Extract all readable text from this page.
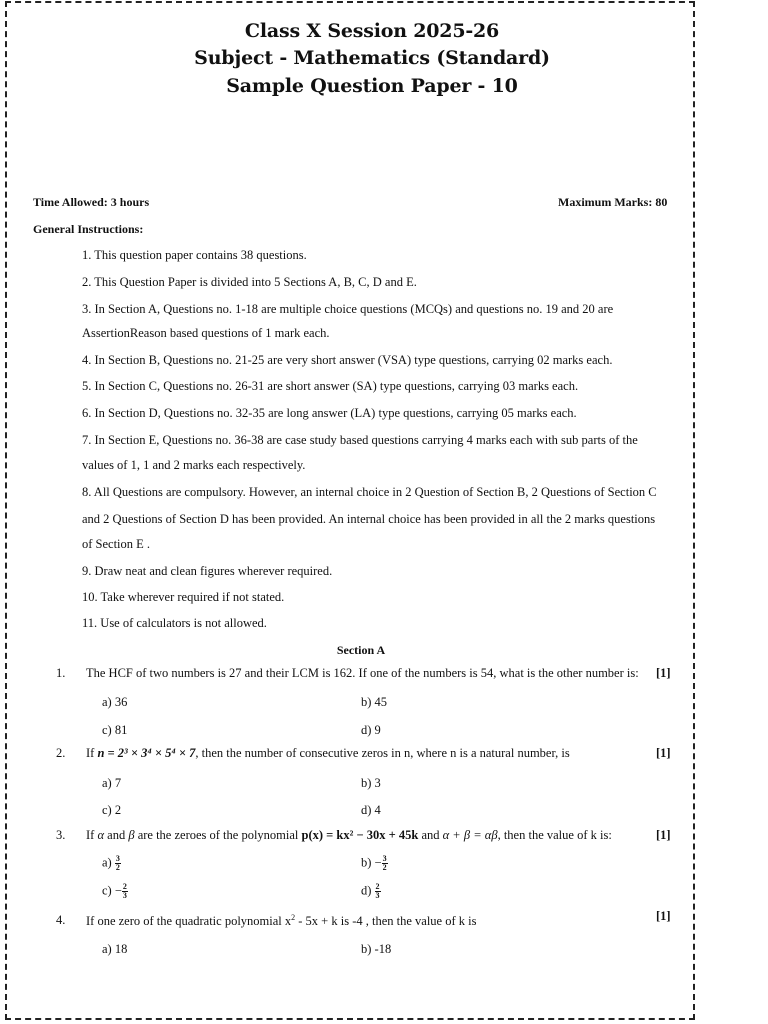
Class X Session 2025-26
Subject - Mathematics (Standard)
Sample Question Paper - 10

Time Allowed: 3 hours	Maximum Marks: 80

General Instructions:

1. This question paper contains 38 questions.

2. This Question Paper is divided into 5 Sections A, B, C, D and E.

3. In Section A, Questions no. 1-18 are multiple choice questions (MCQs) and questions no. 19 and 20 are

AssertionReason based questions of 1 mark each.

4. In Section B, Questions no. 21-25 are very short answer (VSA) type questions, carrying 02 marks each.

5. In Section C, Questions no. 26-31 are short answer (SA) type questions, carrying 03 marks each.

6. In Section D, Questions no. 32-35 are long answer (LA) type questions, carrying 05 marks each.

7. In Section E, Questions no. 36-38 are case study based questions carrying 4 marks each with sub parts of the

values of 1, 1 and 2 marks each respectively.

8. All Questions are compulsory. However, an internal choice in 2 Question of Section B, 2 Questions of Section C

and 2 Questions of Section D has been provided. An internal choice has been provided in all the 2 marks questions

of Section E .

9. Draw neat and clean figures wherever required.

10. Take wherever required if not stated.

11. Use of calculators is not allowed.

Section A

1. The HCF of two numbers is 27 and their LCM is 162. If one of the numbers is 54, what is the other number is: [1]

a) 36	b) 45

c) 81	d) 9

2. If n = 2³ × 3⁴ × 5⁴ × 7, then the number of consecutive zeros in n, where n is a natural number, is	[1]

a) 7	b) 3

c) 2	d) 4

3. If α and β are the zeroes of the polynomial p(x) = kx² − 30x + 45k and α + β = αβ, then the value of k is:	[1]

$a) \frac{3}{2}$	$b) - \frac{3}{2}$

$c) - \frac{2}{3}$	$d) \frac{2}{3}$

4. If one zero of the quadratic polynomial $x^2 - 5x + k$ is -4 , then the value of k is	[1]

a) 18	b) -18
